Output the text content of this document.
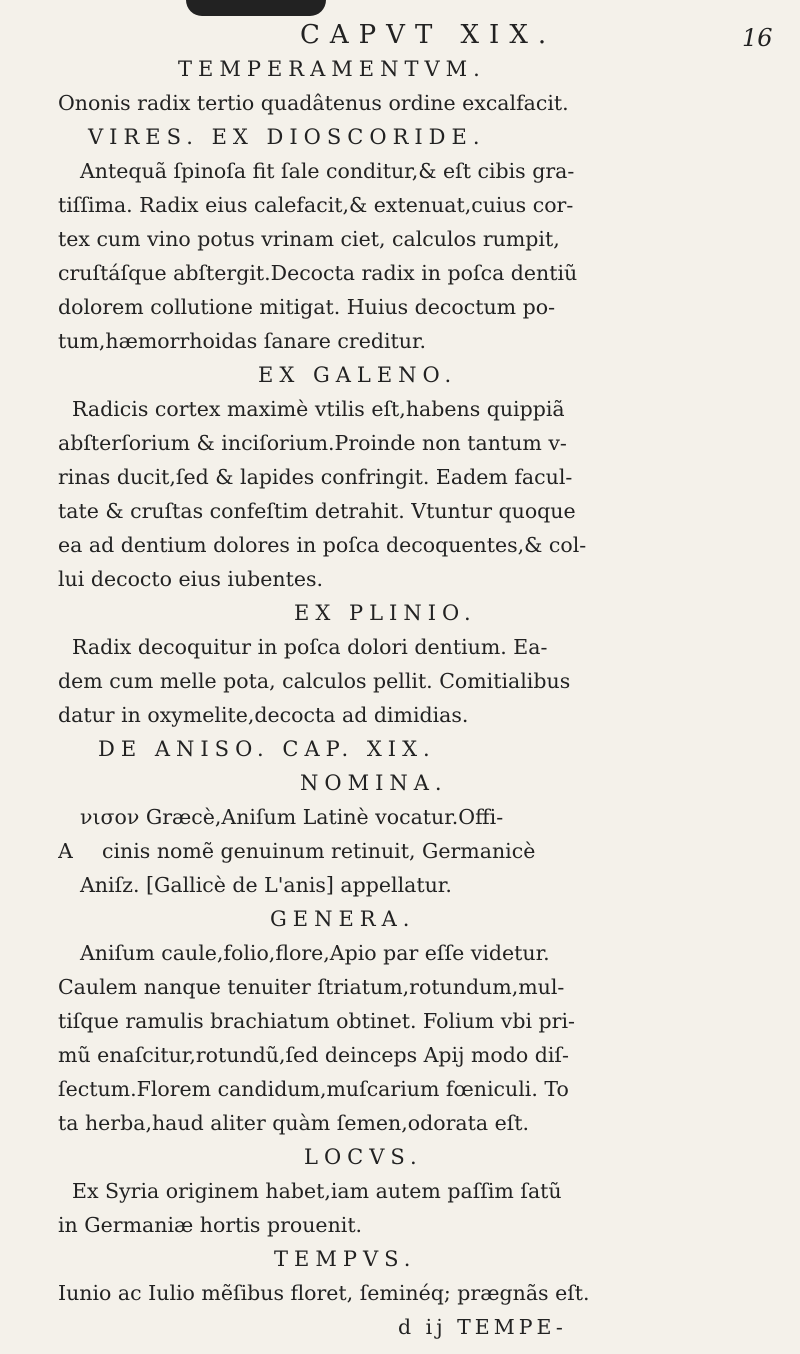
CAPVT XIX.	16
TEMPERAMENTVM.
Ononis radix tertio quadâtenus ordine excalfacit.
VIRES. EX DIOSCORIDE.
Antequã ſpinoſa fit ſale conditur,& eſt cibis gra-
tiſſima. Radix eius calefacit,& extenuat,cuius cor-
tex cum vino potus vrinam ciet, calculos rumpit,
cruſtáſque abſtergit.Decocta radix in poſca dentiũ
dolorem collutione mitigat. Huius decoctum po-
tum,hæmorrhoidas ſanare creditur.
EX GALENO.
Radicis cortex maximè vtilis eſt,habens quippiã
abſterſorium & inciſorium.Proinde non tantum v-
rinas ducit,ſed & lapides confringit. Eadem facul-
tate & cruſtas confeſtim detrahit. Vtuntur quoque
ea ad dentium dolores in poſca decoquentes,& col-
lui decocto eius iubentes.
EX PLINIO.
Radix decoquitur in poſca dolori dentium. Ea-
dem cum melle pota, calculos pellit. Comitialibus
datur in oxymelite,decocta ad dimidias.
DE ANISO. CAP. XIX.
NOMINA.
νισον Græcè,Aniſum Latinè vocatur.Offi-
A cinis nomẽ genuinum retinuit, Germanicè
Aniſz. [Gallicè de L'anis] appellatur.
GENERA.
Aniſum caule,folio,flore,Apio par eſſe videtur.
Caulem nanque tenuiter ſtriatum,rotundum,mul-
tiſque ramulis brachiatum obtinet. Folium vbi pri-
mũ enaſcitur,rotundũ,ſed deinceps Apij modo diſ-
ſectum.Florem candidum,muſcarium fœniculi. To
ta herba,haud aliter quàm ſemen,odorata eſt.
LOCVS.
Ex Syria originem habet,iam autem paſſim ſatũ
in Germaniæ hortis prouenit.
TEMPVS.
Iunio ac Iulio mẽſibus floret, ſeminéq; prægnãs eſt.
d ij TEMPE-
